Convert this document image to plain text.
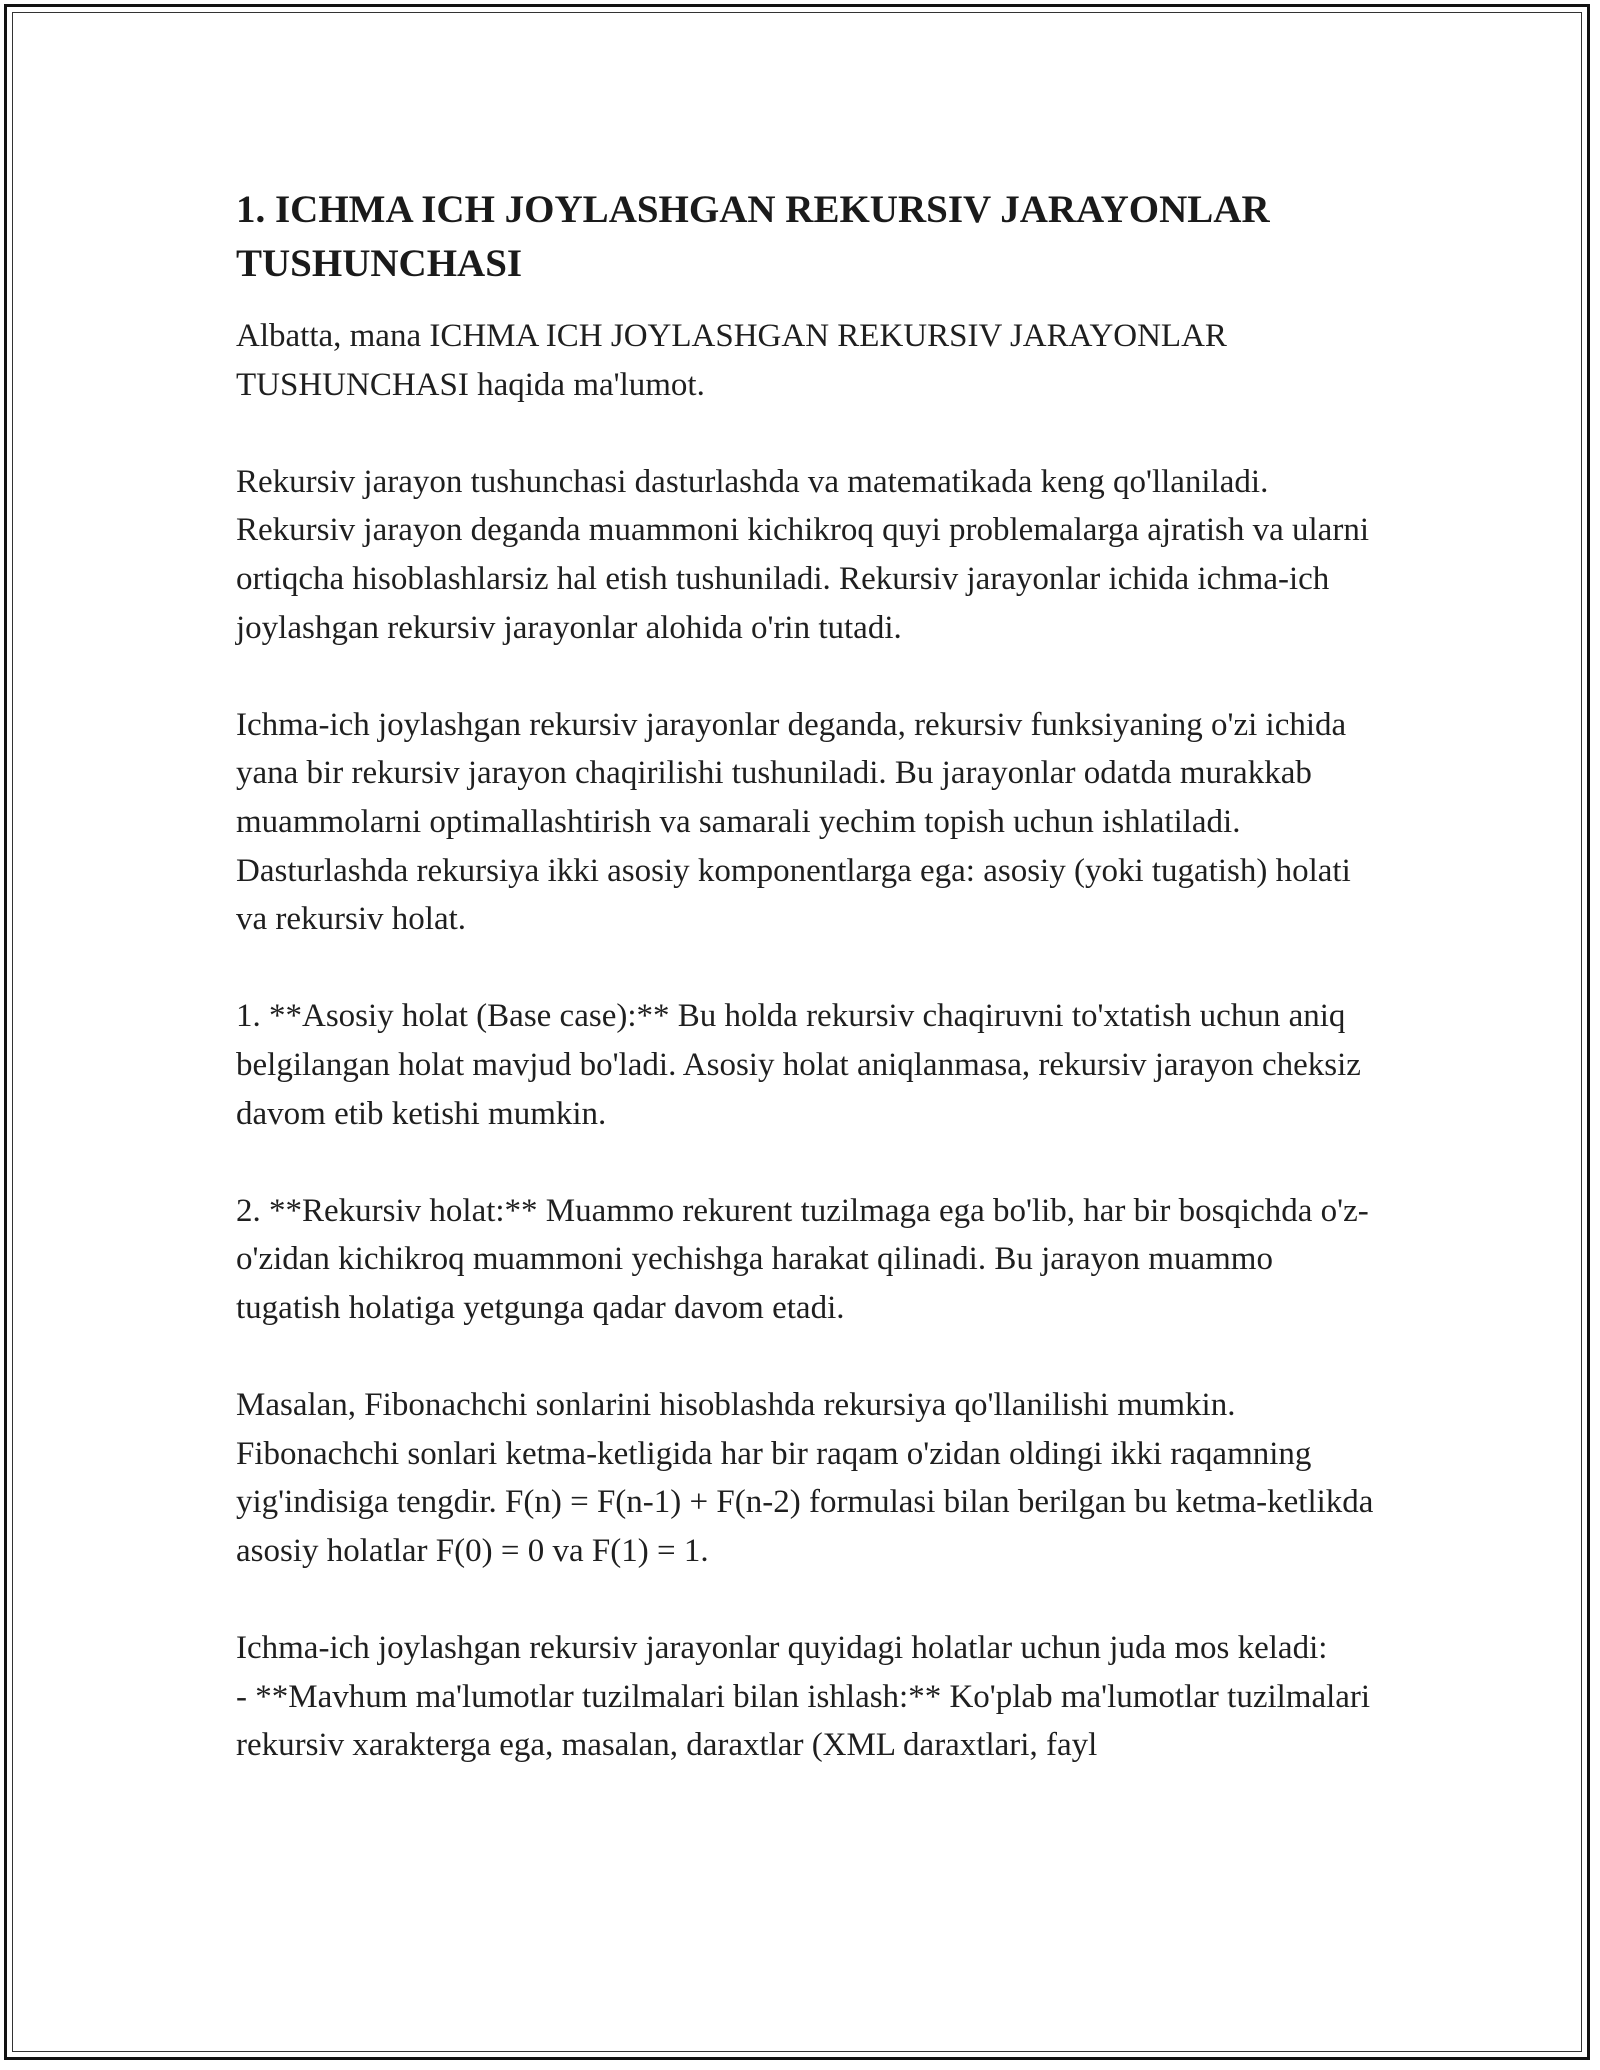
1. ICHMA ICH JOYLASHGAN REKURSIV JARAYONLAR TUSHUNCHASI

Albatta, mana ICHMA ICH JOYLASHGAN REKURSIV JARAYONLAR TUSHUNCHASI haqida ma'lumot.

Rekursiv jarayon tushunchasi dasturlashda va matematikada keng qo'llaniladi. Rekursiv jarayon deganda muammoni kichikroq quyi problemalarga ajratish va ularni ortiqcha hisoblashlarsiz hal etish tushuniladi. Rekursiv jarayonlar ichida ichma-ich joylashgan rekursiv jarayonlar alohida o'rin tutadi.

Ichma-ich joylashgan rekursiv jarayonlar deganda, rekursiv funksiyaning o'zi ichida yana bir rekursiv jarayon chaqirilishi tushuniladi. Bu jarayonlar odatda murakkab muammolarni optimallashtirish va samarali yechim topish uchun ishlatiladi. Dasturlashda rekursiya ikki asosiy komponentlarga ega: asosiy (yoki tugatish) holati va rekursiv holat.

1. **Asosiy holat (Base case):** Bu holda rekursiv chaqiruvni to'xtatish uchun aniq belgilangan holat mavjud bo'ladi. Asosiy holat aniqlanmasa, rekursiv jarayon cheksiz davom etib ketishi mumkin.

2. **Rekursiv holat:** Muammo rekurent tuzilmaga ega bo'lib, har bir bosqichda o'z-o'zidan kichikroq muammoni yechishga harakat qilinadi. Bu jarayon muammo tugatish holatiga yetgunga qadar davom etadi.

Masalan, Fibonachchi sonlarini hisoblashda rekursiya qo'llanilishi mumkin. Fibonachchi sonlari ketma-ketligida har bir raqam o'zidan oldingi ikki raqamning yig'indisiga tengdir. F(n) = F(n-1) + F(n-2) formulasi bilan berilgan bu ketma-ketlikda asosiy holatlar F(0) = 0 va F(1) = 1.

Ichma-ich joylashgan rekursiv jarayonlar quyidagi holatlar uchun juda mos keladi:

- **Mavhum ma'lumotlar tuzilmalari bilan ishlash:** Ko'plab ma'lumotlar tuzilmalari rekursiv xarakterga ega, masalan, daraxtlar (XML daraxtlari, fayl
